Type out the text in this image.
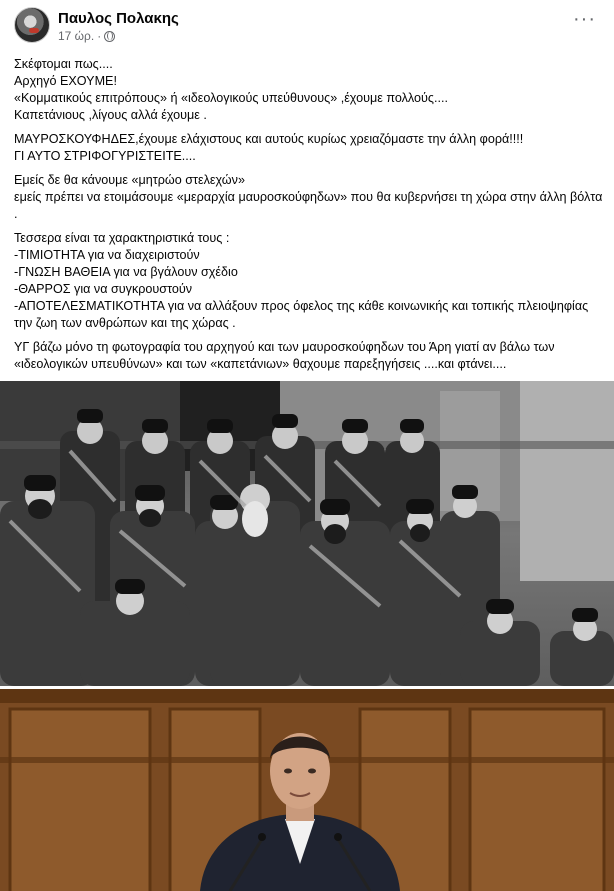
Παυλος Πολακης
17 ώρ. ·
···

Σκέφτομαι πως....
Αρχηγό ΕΧΟΥΜΕ!
«Κομματικούς επιτρόπους» ή «ιδεολογικούς υπεύθυνους» ,έχουμε πολλούς....
Καπετάνιους ,λίγους αλλά έχουμε .

ΜΑΥΡΟΣΚΟΥΦΗΔΕΣ,έχουμε ελάχιστους και αυτούς κυρίως χρειαζόμαστε την άλλη φορά!!!!
ΓΙ ΑΥΤΟ ΣΤΡΙΦΟΓΥΡΙΣΤΕΙΤΕ....

Εμείς δε θα κάνουμε «μητρώο στελεχών»
εμείς πρέπει να ετοιμάσουμε «μεραρχία μαυροσκούφηδων» που θα κυβερνήσει τη χώρα στην άλλη βόλτα .

Τεσσερα είναι τα χαρακτηριστικά τους :
-ΤΙΜΙΟΤΗΤΑ για να διαχειριστούν
-ΓΝΩΣΗ ΒΑΘΕΙΑ για να βγάλουν σχέδιο
-ΘΑΡΡΟΣ για να συγκρουστούν
-ΑΠΟΤΕΛΕΣΜΑΤΙΚΟΤΗΤΑ για να αλλάξουν προς όφελος της κάθε κοινωνικής και τοπικής πλειοψηφίας την ζωη των ανθρώπων και της χώρας .

ΥΓ βάζω μόνο τη φωτογραφία του αρχηγού και των μαυροσκούφηδων του Άρη γιατί αν βάλω των «ιδεολογικών υπευθύνων» και των «καπετάνιων» θαχουμε παρεξηγήσεις ....και φτάνει....
